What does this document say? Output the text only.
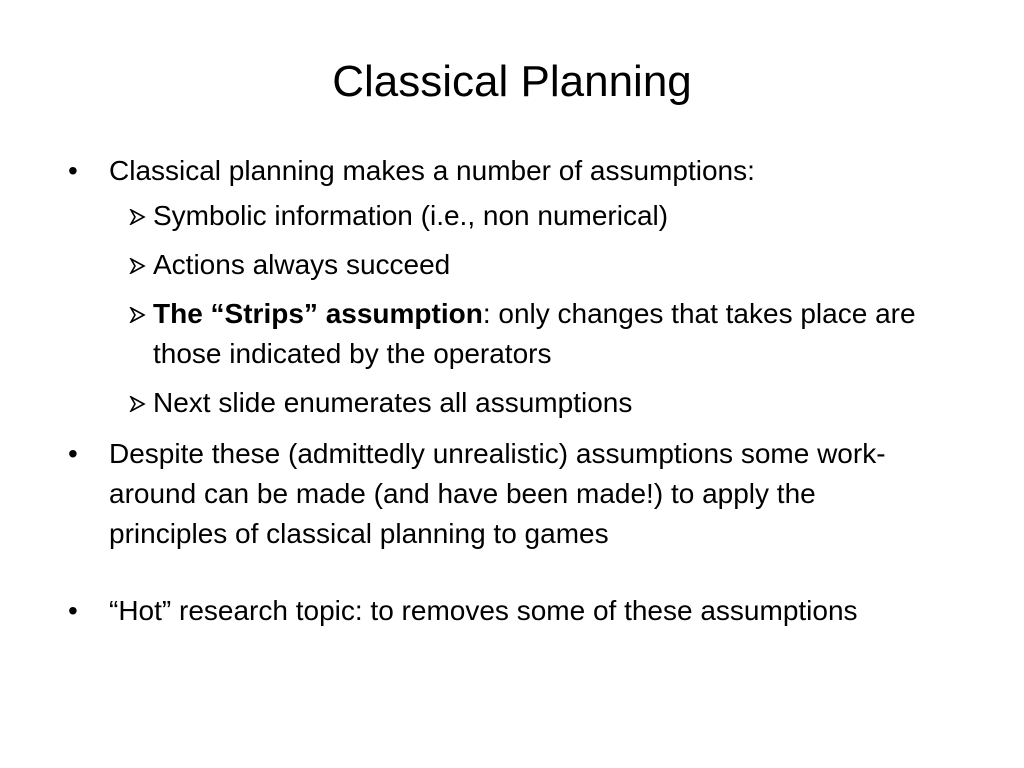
Classical Planning
•	Classical planning makes a number of assumptions:
Symbolic information (i.e., non numerical)
Actions always succeed
The “Strips” assumption: only changes that takes place are those indicated by the operators
Next slide enumerates all assumptions
•	Despite these (admittedly unrealistic) assumptions some work-around can be made (and have been made!) to apply the principles of classical planning to games
•	“Hot” research topic: to removes some of these assumptions
